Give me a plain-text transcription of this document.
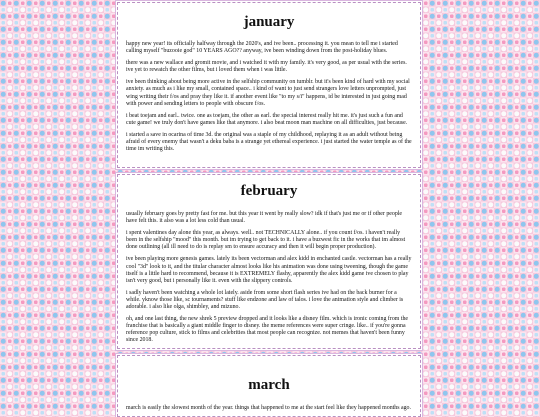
january

happy new year! its officially halfway through the 2020's, and ive been.. processing it. you mean to tell me i started calling myself "buzooie god" 10 YEARS AGO?? anyway, ive been winding down from the post-holiday blues.

there was a new wallace and gromit movie, and i watched it with my family. it's very good, as per usual with the series. ive yet to rewatch the other films, but i loved them when i was little.

ive been thinking about being more active in the selfship community on tumblr. but it's been kind of hard with my social anxiety. as much as i like my small, contained space.. i kind of want to just send strangers love letters unprompted, just wing writing their f/os and pray they like it. if another event like "to my s/i" happens, id be interested in just going mad with power and sending letters to people with obscure f/os.

i beat toejam and earl.. twice. one as toejam, the other as earl. the special interest really hit me. it's just such a fun and cute game! we truly don't have games like that anymore. i also beat moon man machine on all difficulties, just because.

i started a save in ocarina of time 3d. the original was a staple of my childhood, replaying it as an adult without being afraid of every enemy that wasn't a deku baba is a strange yet ethereal experience. i just started the water temple as of the time im writing this.

february

usually february goes by pretty fast for me. but this year it went by really slow? idk if that's just me or if other people have felt this. it also was a lot less cold than usual.

i spent valentines day alone this year, as always. well.. not TECHNICALLY alone.. if you count f/os. i haven't really been in the selfship "mood" this month. but im trying to get back to it. i have a buzwest fic in the works that im almost done outlining (all ill need to do is replay sm to ensure accuracy and then it will begin proper production).

ive been playing more genesis games. lately its been vectorman and alex kidd in enchanted castle. vectorman has a really cool "3d" look to it, and the titular character almost looks like his animation was done using tweening, though the game itself is a little hard to recommend, because it is EXTREMELY flashy, apparently the alex kidd game ive chosen to play isn't very good, but i personally like it. even with the slippery controls.

i sadly haven't been watching a whole lot lately. aside from some short flash series ive had on the back burner for a while. yknow those like, sc tournaments? stuff like endzone and law of talos. i love the animation style and climber is adorable. i also like olga, shimbley, and mizuno.

oh, and one last thing, the new shrek 5 preview dropped and it looks like a disney film. which is ironic coming from the franchise that is basically a giant middle finger to disney. the meme references were super cringe. like.. if you're gonna reference pop culture, stick to films and celebrities that most people can recognize. not memes that haven't been funny since 2018.

march

march is easily the slowest month of the year. things that happened to me at the start feel like they happened months ago.
